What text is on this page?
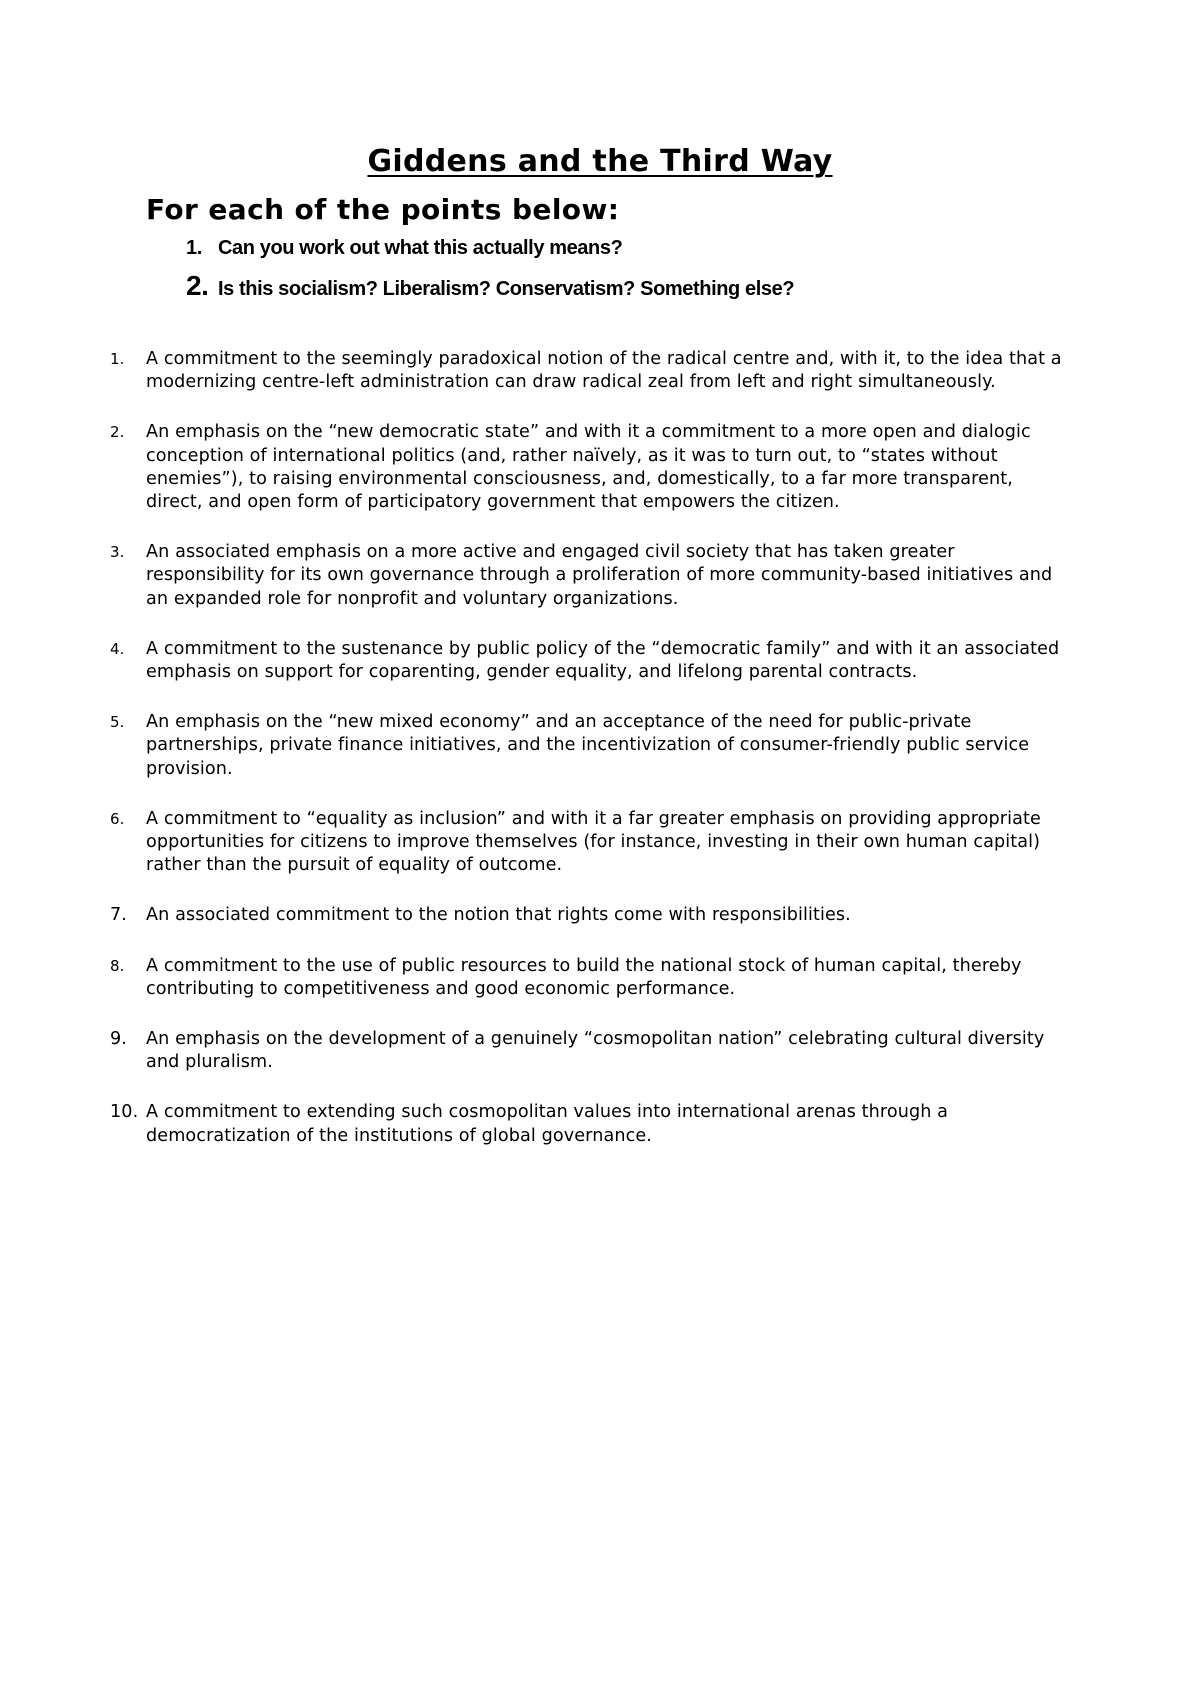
Giddens and the Third Way
For each of the points below:
1. Can you work out what this actually means?
2. Is this socialism? Liberalism? Conservatism? Something else?
1.	A commitment to the seemingly paradoxical notion of the radical centre and, with it, to the idea that a modernizing centre-left administration can draw radical zeal from left and right simultaneously.
2.	An emphasis on the “new democratic state” and with it a commitment to a more open and dialogic conception of international politics (and, rather naïvely, as it was to turn out, to “states without enemies”), to raising environmental consciousness, and, domestically, to a far more transparent, direct, and open form of participatory government that empowers the citizen.
3.	An associated emphasis on a more active and engaged civil society that has taken greater responsibility for its own governance through a proliferation of more community-based initiatives and an expanded role for nonprofit and voluntary organizations.
4.	A commitment to the sustenance by public policy of the “democratic family” and with it an associated emphasis on support for coparenting, gender equality, and lifelong parental contracts.
5.	An emphasis on the “new mixed economy” and an acceptance of the need for public-private partnerships, private finance initiatives, and the incentivization of consumer-friendly public service provision.
6.	A commitment to “equality as inclusion” and with it a far greater emphasis on providing appropriate opportunities for citizens to improve themselves (for instance, investing in their own human capital) rather than the pursuit of equality of outcome.
7.	An associated commitment to the notion that rights come with responsibilities.
8.	A commitment to the use of public resources to build the national stock of human capital, thereby contributing to competitiveness and good economic performance.
9.	An emphasis on the development of a genuinely “cosmopolitan nation” celebrating cultural diversity and pluralism.
10. A commitment to extending such cosmopolitan values into international arenas through a democratization of the institutions of global governance.
